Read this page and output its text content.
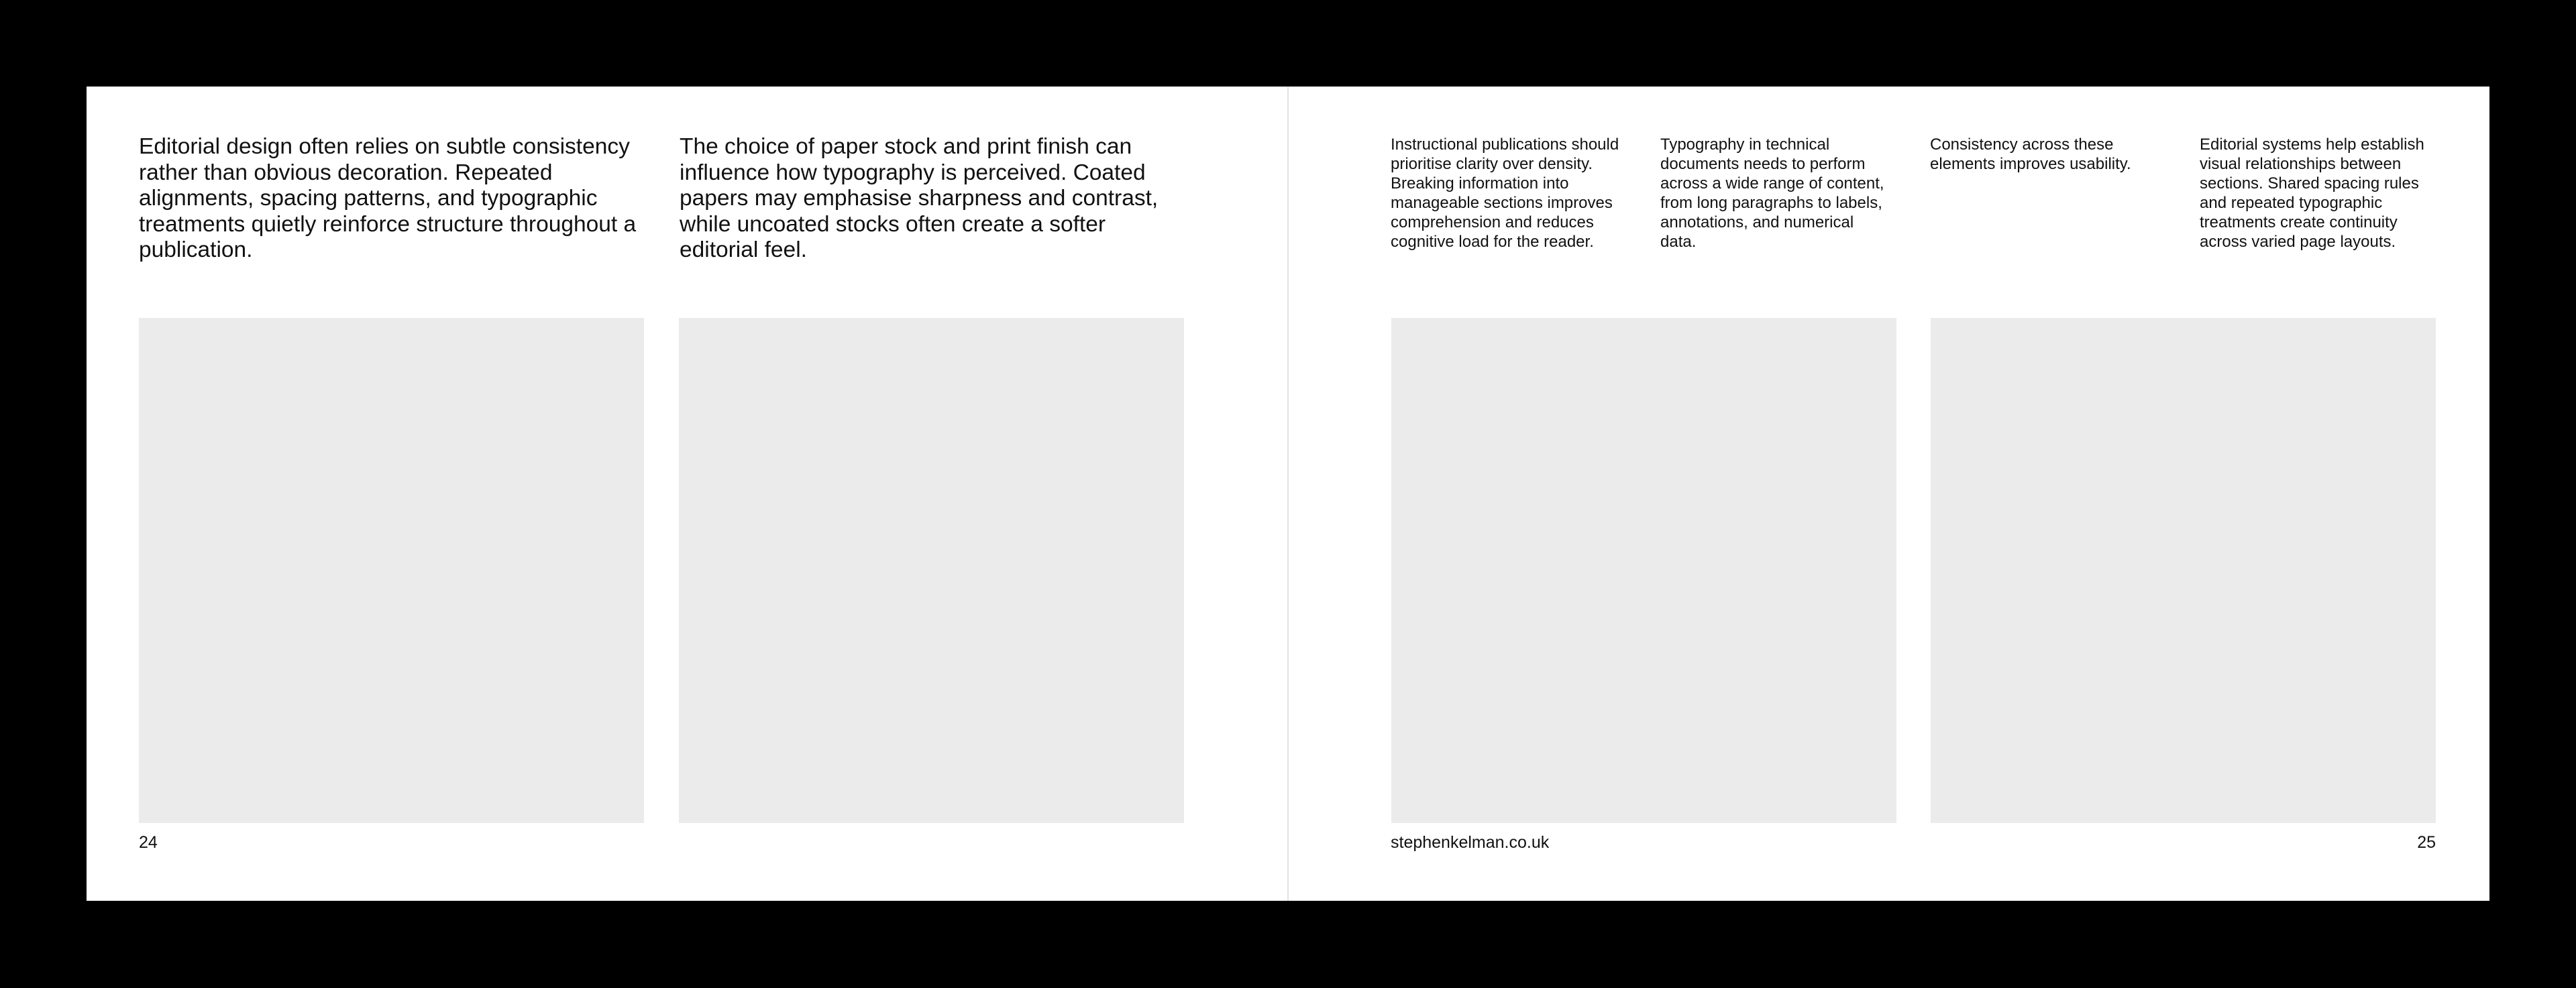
Editorial design often relies on subtle consistency rather than obvious decoration. Repeated alignments, spacing patterns, and typographic treatments quietly reinforce structure throughout a publication.

The choice of paper stock and print finish can influence how typography is perceived. Coated papers may emphasise sharpness and contrast, while uncoated stocks often create a softer editorial feel.

24

Instructional publications should prioritise clarity over density. Breaking information into manageable sections improves comprehension and reduces cognitive load for the reader.

Typography in technical documents needs to perform across a wide range of content, from long paragraphs to labels, annotations, and numerical data.

Consistency across these elements improves usability.

Editorial systems help establish visual relationships between sections. Shared spacing rules and repeated typographic treatments create continuity across varied page layouts.

stephenkelman.co.uk	25
